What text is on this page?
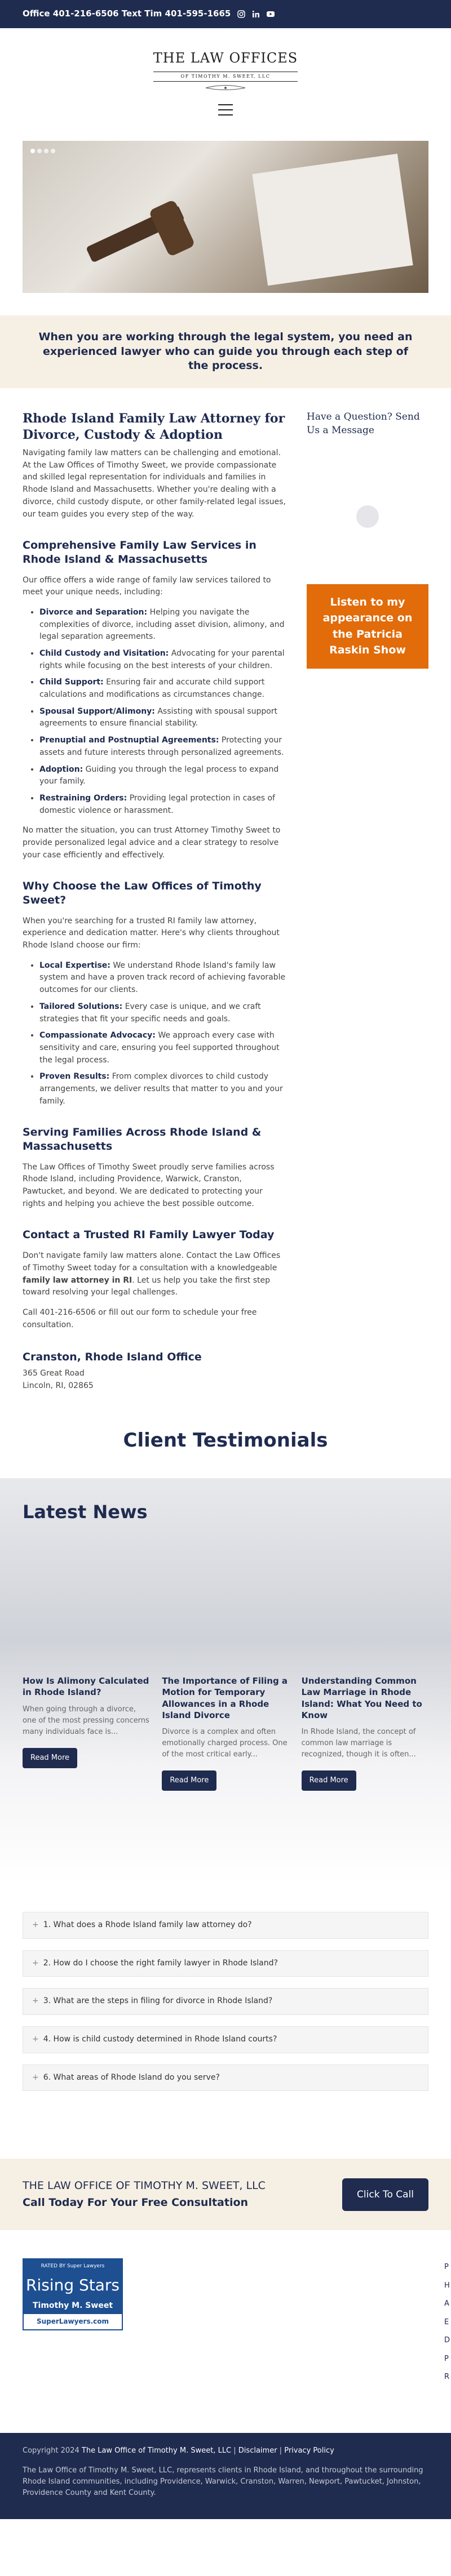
Office 401-216-6506 Text Tim 401-595-1665
THE LAW OFFICES
OF TIMOTHY M. SWEET, LLC
When you are working through the legal system, you need an experienced lawyer who can guide you through each step of the process.
Rhode Island Family Law Attorney for Divorce, Custody & Adoption

Navigating family law matters can be challenging and emotional. At the Law Offices of Timothy Sweet, we provide compassionate and skilled legal representation for individuals and families in Rhode Island and Massachusetts. Whether you're dealing with a divorce, child custody dispute, or other family-related legal issues, our team guides you every step of the way.

Comprehensive Family Law Services in Rhode Island & Massachusetts

Our office offers a wide range of family law services tailored to meet your unique needs, including:

• Divorce and Separation: Helping you navigate the complexities of divorce, including asset division, alimony, and legal separation agreements.
• Child Custody and Visitation: Advocating for your parental rights while focusing on the best interests of your children.
• Child Support: Ensuring fair and accurate child support calculations and modifications as circumstances change.
• Spousal Support/Alimony: Assisting with spousal support agreements to ensure financial stability.
• Prenuptial and Postnuptial Agreements: Protecting your assets and future interests through personalized agreements.
• Adoption: Guiding you through the legal process to expand your family.
• Restraining Orders: Providing legal protection in cases of domestic violence or harassment.

No matter the situation, you can trust Attorney Timothy Sweet to provide personalized legal advice and a clear strategy to resolve your case efficiently and effectively.

Why Choose the Law Offices of Timothy Sweet?

When you're searching for a trusted RI family law attorney, experience and dedication matter. Here's why clients throughout Rhode Island choose our firm:

• Local Expertise: We understand Rhode Island's family law system and have a proven track record of achieving favorable outcomes for our clients.
• Tailored Solutions: Every case is unique, and we craft strategies that fit your specific needs and goals.
• Compassionate Advocacy: We approach every case with sensitivity and care, ensuring you feel supported throughout the legal process.
• Proven Results: From complex divorces to child custody arrangements, we deliver results that matter to you and your family.
Serving Families Across Rhode Island & Massachusetts

The Law Offices of Timothy Sweet proudly serve families across Rhode Island, including Providence, Warwick, Cranston, Pawtucket, and beyond. We are dedicated to protecting your rights and helping you achieve the best possible outcome.

Contact a Trusted RI Family Lawyer Today

Don't navigate family law matters alone. Contact the Law Offices of Timothy Sweet today for a consultation with a knowledgeable family law attorney in RI. Let us help you take the first step toward resolving your legal challenges.

Call 401-216-6506 or fill out our form to schedule your free consultation.

Cranston, Rhode Island Office
365 Great Road
Lincoln, RI, 02865
Have a Question? Send Us a Message
Listen to my appearance on the Patricia Raskin Show
Client Testimonials
Latest News
How Is Alimony Calculated in Rhode Island?

When going through a divorce, one of the most pressing concerns many individuals face is...

Read More
The Importance of Filing a Motion for Temporary Allowances in a Rhode Island Divorce

Divorce is a complex and often emotionally charged process. One of the most critical early...

Read More
Understanding Common Law Marriage in Rhode Island: What You Need to Know

In Rhode Island, the concept of common law marriage is recognized, though it is often...

Read More
+ 1. What does a Rhode Island family law attorney do?
+ 2. How do I choose the right family lawyer in Rhode Island?
+ 3. What are the steps in filing for divorce in Rhode Island?
+ 4. How is child custody determined in Rhode Island courts?
+ 6. What areas of Rhode Island do you serve?
THE LAW OFFICE OF TIMOTHY M. SWEET, LLC
Call Today For Your Free Consultation
Click To Call
RATED BY Super Lawyers
Rising Stars
Timothy M. Sweet
SuperLawyers.com
P
H
A
E
D
P
R

Copyright 2024 The Law Office of Timothy M. Sweet, LLC | Disclaimer | Privacy Policy

The Law Office of Timothy M. Sweet, LLC, represents clients in Rhode Island, and throughout the surrounding Rhode Island communities, including Providence, Warwick, Cranston, Warren, Newport, Pawtucket, Johnston, Providence County and Kent County.
